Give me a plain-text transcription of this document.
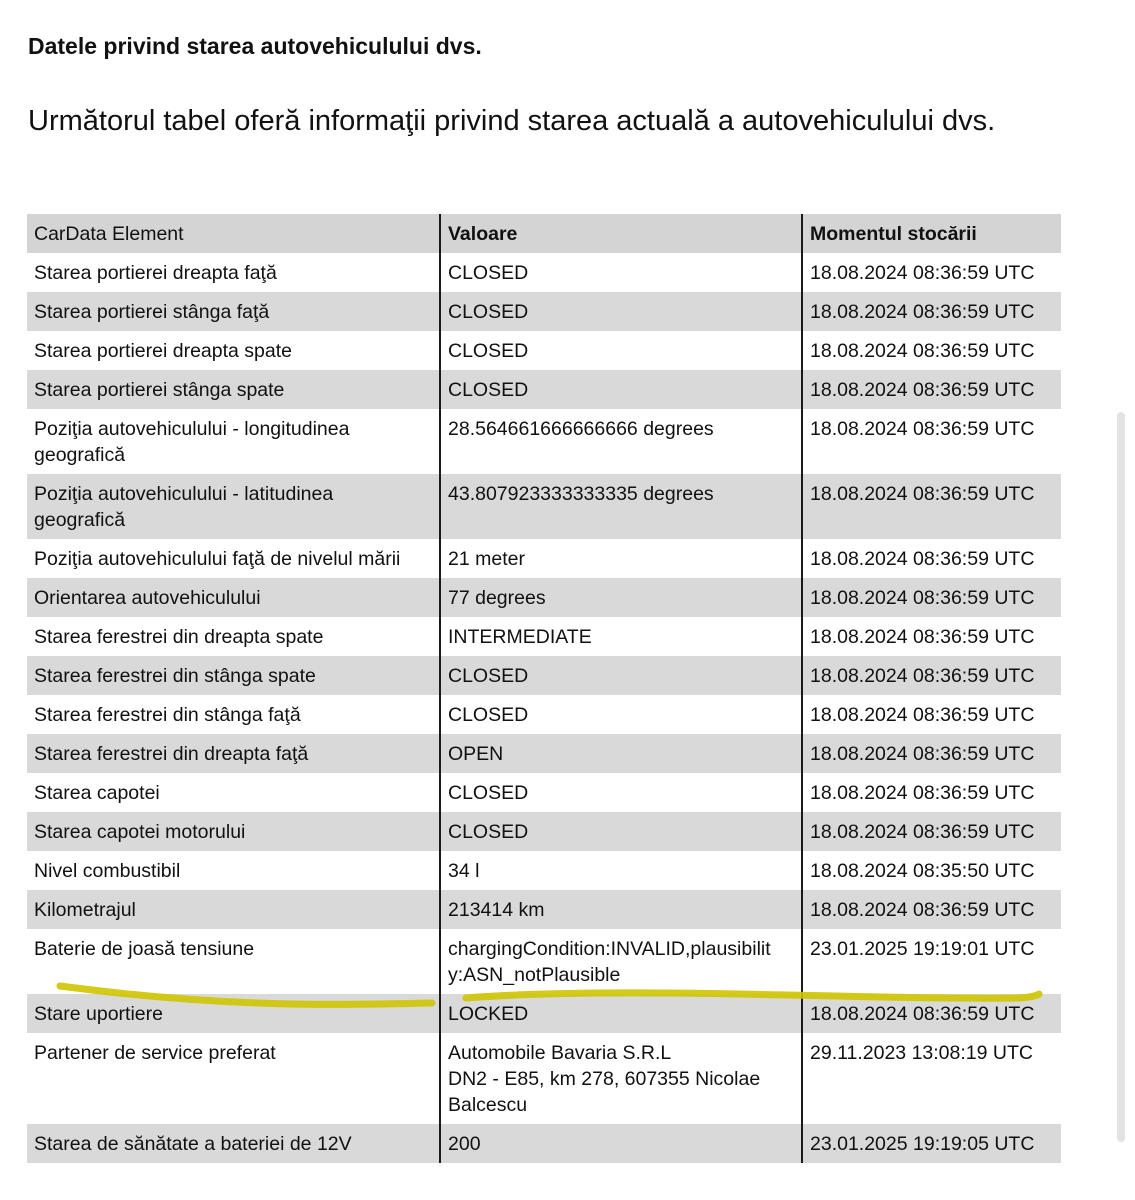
Datele privind starea autovehiculului dvs.

Următorul tabel oferă informaţii privind starea actuală a autovehiculului dvs.

CarData Element	Valoare	Momentul stocării
Starea portierei dreapta faţă	CLOSED	18.08.2024 08:36:59 UTC
Starea portierei stânga faţă	CLOSED	18.08.2024 08:36:59 UTC
Starea portierei dreapta spate	CLOSED	18.08.2024 08:36:59 UTC
Starea portierei stânga spate	CLOSED	18.08.2024 08:36:59 UTC
Poziţia autovehiculului - longitudinea
geografică	28.564661666666666 degrees	18.08.2024 08:36:59 UTC
Poziţia autovehiculului - latitudinea
geografică	43.807923333333335 degrees	18.08.2024 08:36:59 UTC
Poziţia autovehiculului faţă de nivelul mării	21 meter	18.08.2024 08:36:59 UTC
Orientarea autovehiculului	77 degrees	18.08.2024 08:36:59 UTC
Starea ferestrei din dreapta spate	INTERMEDIATE	18.08.2024 08:36:59 UTC
Starea ferestrei din stânga spate	CLOSED	18.08.2024 08:36:59 UTC
Starea ferestrei din stânga faţă	CLOSED	18.08.2024 08:36:59 UTC
Starea ferestrei din dreapta faţă	OPEN	18.08.2024 08:36:59 UTC
Starea capotei	CLOSED	18.08.2024 08:36:59 UTC
Starea capotei motorului	CLOSED	18.08.2024 08:36:59 UTC
Nivel combustibil	34 l	18.08.2024 08:35:50 UTC
Kilometrajul	213414 km	18.08.2024 08:36:59 UTC
Baterie de joasă tensiune	chargingCondition:INVALID,plausibilit
y:ASN_notPlausible	23.01.2025 19:19:01 UTC
Stare uportiere	LOCKED	18.08.2024 08:36:59 UTC
Partener de service preferat	Automobile Bavaria S.R.L
DN2 - E85, km 278, 607355 Nicolae
Balcescu	29.11.2023 13:08:19 UTC
Starea de sănătate a bateriei de 12V	200	23.01.2025 19:19:05 UTC
